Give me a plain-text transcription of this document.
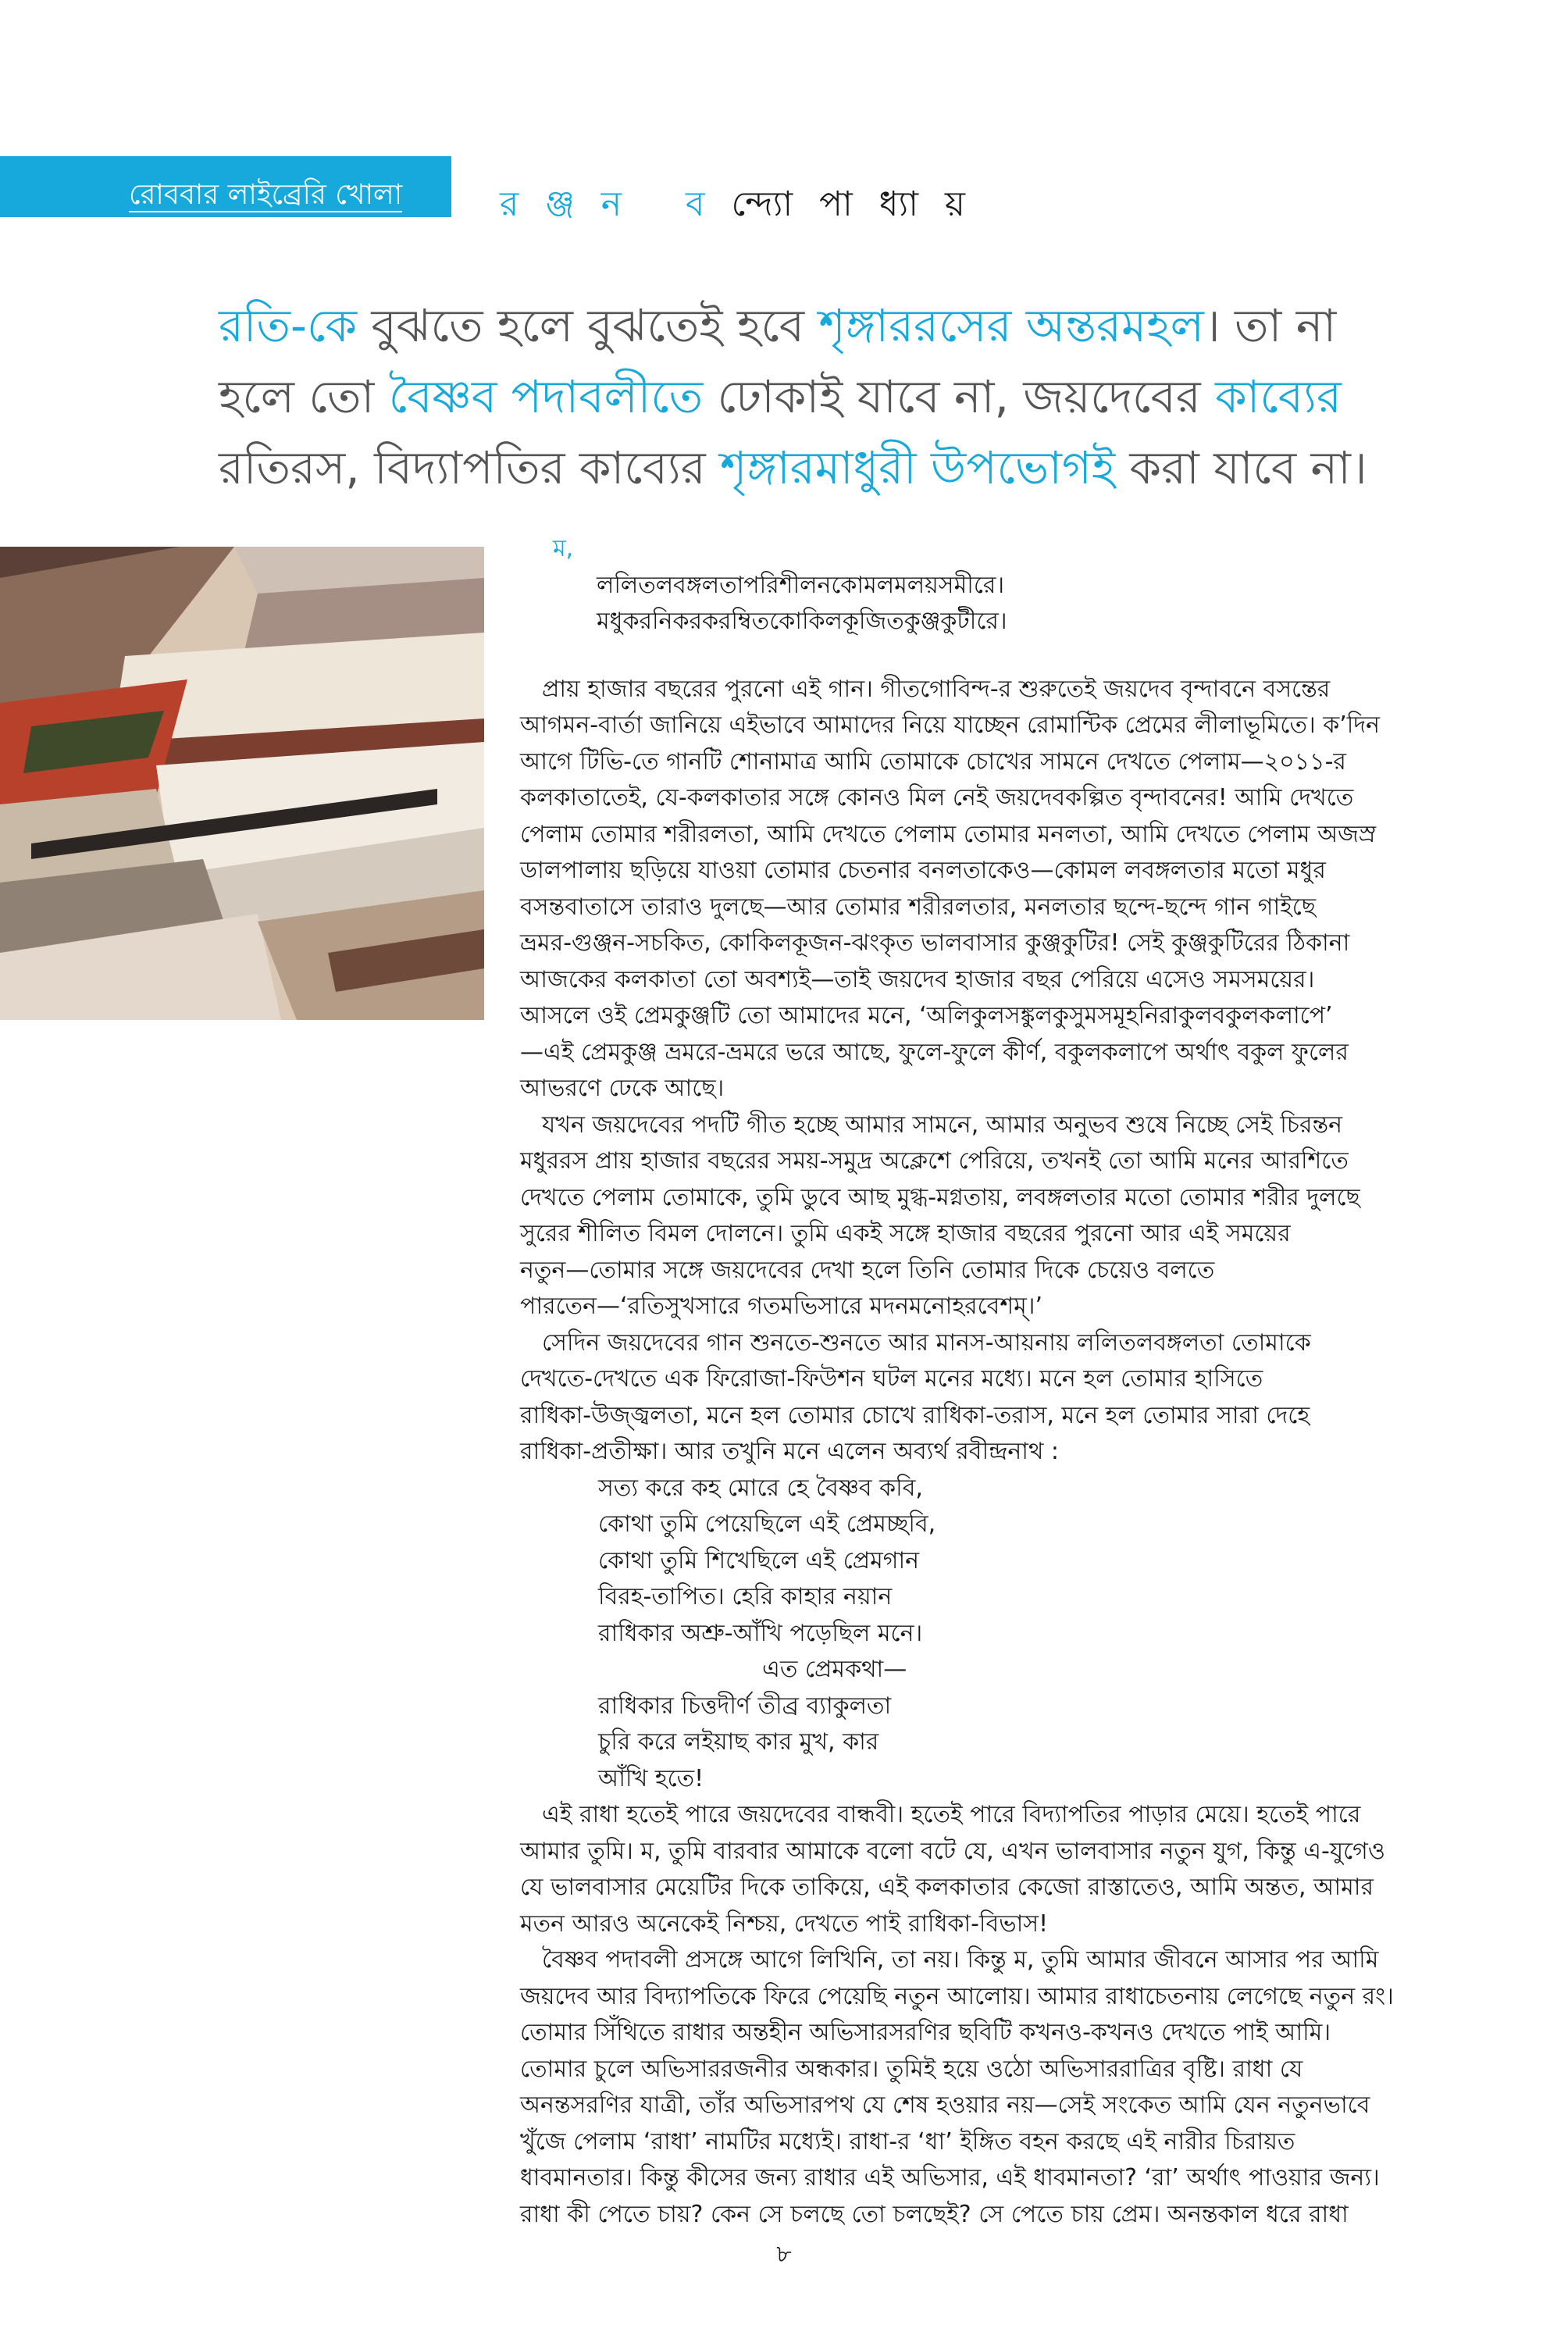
রোববার লাইব্রেরি খোলা	র ঞ্জ ন ব ন্দ্যো পা ধ্যা য়

রতি-কে বুঝতে হলে বুঝতেই হবে শৃঙ্গাররসের অন্তরমহল। তা না

হলে তো বৈষ্ণব পদাবলীতে ঢোকাই যাবে না, জয়দেবের কাব্যের

রতিরস, বিদ্যাপতির কাব্যের শৃঙ্গারমাধুরী উপভোগই করা যাবে না।

ম,
ললিতলবঙ্গলতাপরিশীলনকোমলমলয়সমীরে।
মধুকরনিকরকরম্বিতকোকিলকূজিতকুঞ্জকুটীরে।
প্রায় হাজার বছরের পুরনো এই গান। গীতগোবিন্দ-র শুরুতেই জয়দেব বৃন্দাবনে বসন্তের
আগমন-বার্তা জানিয়ে এইভাবে আমাদের নিয়ে যাচ্ছেন রোমান্টিক প্রেমের লীলাভূমিতে। ক’দিন
আগে টিভি-তে গানটি শোনামাত্র আমি তোমাকে চোখের সামনে দেখতে পেলাম—২০১১-র
কলকাতাতেই, যে-কলকাতার সঙ্গে কোনও মিল নেই জয়দেবকল্পিত বৃন্দাবনের! আমি দেখতে
পেলাম তোমার শরীরলতা, আমি দেখতে পেলাম তোমার মনলতা, আমি দেখতে পেলাম অজস্র
ডালপালায় ছড়িয়ে যাওয়া তোমার চেতনার বনলতাকেও—কোমল লবঙ্গলতার মতো মধুর
বসন্তবাতাসে তারাও দুলছে—আর তোমার শরীরলতার, মনলতার ছন্দে-ছন্দে গান গাইছে
ভ্রমর-গুঞ্জন-সচকিত, কোকিলকূজন-ঝংকৃত ভালবাসার কুঞ্জকুটির! সেই কুঞ্জকুটিরের ঠিকানা
আজকের কলকাতা তো অবশ্যই—তাই জয়দেব হাজার বছর পেরিয়ে এসেও সমসময়ের।
আসলে ওই প্রেমকুঞ্জটি তো আমাদের মনে, ‘অলিকুলসঙ্কুলকুসুমসমূহনিরাকুলবকুলকলাপে’
—এই প্রেমকুঞ্জ ভ্রমরে-ভ্রমরে ভরে আছে, ফুলে-ফুলে কীর্ণ, বকুলকলাপে অর্থাৎ বকুল ফুলের
আভরণে ঢেকে আছে।
যখন জয়দেবের পদটি গীত হচ্ছে আমার সামনে, আমার অনুভব শুষে নিচ্ছে সেই চিরন্তন
মধুররস প্রায় হাজার বছরের সময়-সমুদ্র অক্লেশে পেরিয়ে, তখনই তো আমি মনের আরশিতে
দেখতে পেলাম তোমাকে, তুমি ডুবে আছ মুগ্ধ-মগ্নতায়, লবঙ্গলতার মতো তোমার শরীর দুলছে
সুরের শীলিত বিমল দোলনে। তুমি একই সঙ্গে হাজার বছরের পুরনো আর এই সময়ের
নতুন—তোমার সঙ্গে জয়দেবের দেখা হলে তিনি তোমার দিকে চেয়েও বলতে
পারতেন—‘রতিসুখসারে গতমভিসারে মদনমনোহরবেশম্‌।’
সেদিন জয়দেবের গান শুনতে-শুনতে আর মানস-আয়নায় ললিতলবঙ্গলতা তোমাকে
দেখতে-দেখতে এক ফিরোজা-ফিউশন ঘটল মনের মধ্যে। মনে হল তোমার হাসিতে
রাধিকা-উজ্জ্বলতা, মনে হল তোমার চোখে রাধিকা-তরাস, মনে হল তোমার সারা দেহে
রাধিকা-প্রতীক্ষা। আর তখুনি মনে এলেন অব্যর্থ রবীন্দ্রনাথ :
সত্য করে কহ মোরে হে বৈষ্ণব কবি,
কোথা তুমি পেয়েছিলে এই প্রেমচ্ছবি,
কোথা তুমি শিখেছিলে এই প্রেমগান
বিরহ-তাপিত। হেরি কাহার নয়ান
রাধিকার অশ্রু-আঁখি পড়েছিল মনে।
এত প্রেমকথা—
রাধিকার চিত্তদীর্ণ তীব্র ব্যাকুলতা
চুরি করে লইয়াছ কার মুখ, কার
আঁখি হতে!
এই রাধা হতেই পারে জয়দেবের বান্ধবী। হতেই পারে বিদ্যাপতির পাড়ার মেয়ে। হতেই পারে
আমার তুমি। ম, তুমি বারবার আমাকে বলো বটে যে, এখন ভালবাসার নতুন যুগ, কিন্তু এ-যুগেও
যে ভালবাসার মেয়েটির দিকে তাকিয়ে, এই কলকাতার কেজো রাস্তাতেও, আমি অন্তত, আমার
মতন আরও অনেকেই নিশ্চয়, দেখতে পাই রাধিকা-বিভাস!
বৈষ্ণব পদাবলী প্রসঙ্গে আগে লিখিনি, তা নয়। কিন্তু ম, তুমি আমার জীবনে আসার পর আমি
জয়দেব আর বিদ্যাপতিকে ফিরে পেয়েছি নতুন আলোয়। আমার রাধাচেতনায় লেগেছে নতুন রং।
তোমার সিঁথিতে রাধার অন্তহীন অভিসারসরণির ছবিটি কখনও-কখনও দেখতে পাই আমি।
তোমার চুলে অভিসাররজনীর অন্ধকার। তুমিই হয়ে ওঠো অভিসাররাত্রির বৃষ্টি। রাধা যে
অনন্তসরণির যাত্রী, তাঁর অভিসারপথ যে শেষ হওয়ার নয়—সেই সংকেত আমি যেন নতুনভাবে
খুঁজে পেলাম ‘রাধা’ নামটির মধ্যেই। রাধা-র ‘ধা’ ইঙ্গিত বহন করছে এই নারীর চিরায়ত
ধাবমানতার। কিন্তু কীসের জন্য রাধার এই অভিসার, এই ধাবমানতা? ‘রা’ অর্থাৎ পাওয়ার জন্য।
রাধা কী পেতে চায়? কেন সে চলছে তো চলছেই? সে পেতে চায় প্রেম। অনন্তকাল ধরে রাধা
৮
